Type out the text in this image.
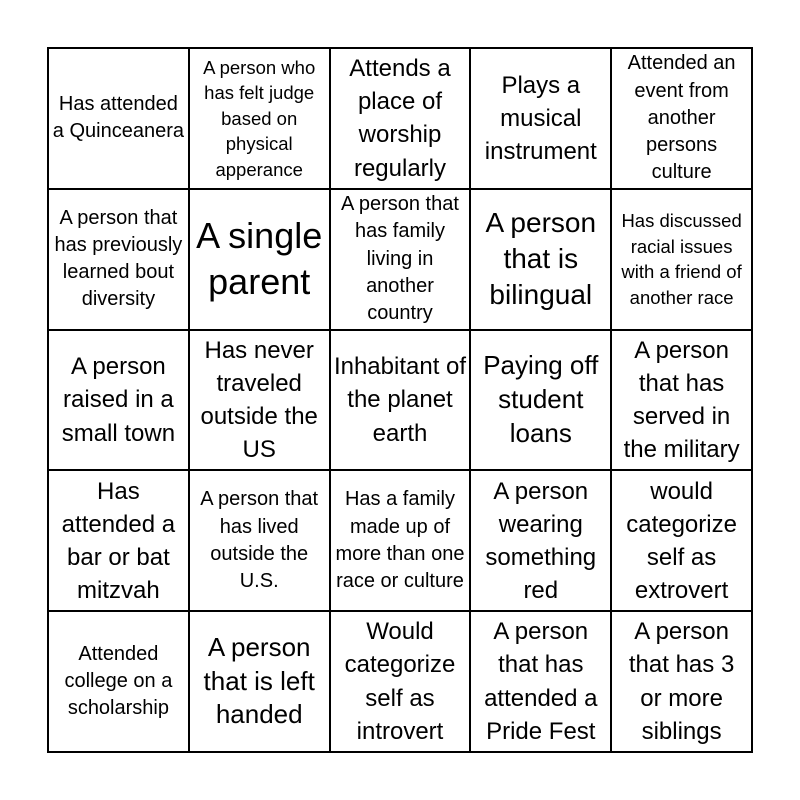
Has attended a Quinceanera
A person who has felt judge based on physical apperance
Attends a place of worship regularly
Plays a musical instrument
Attended an event from another persons culture
A person that has previously learned bout diversity
A single parent
A person that has family living in another country
A person that is bilingual
Has discussed racial issues with a friend of another race
A person raised in a small town
Has never traveled outside the US
Inhabitant of the planet earth
Paying off student loans
A person that has served in the military
Has attended a bar or bat mitzvah
A person that has lived outside the U.S.
Has a family made up of more than one race or culture
A person wearing something red
would categorize self as extrovert
Attended college on a scholarship
A person that is left handed
Would categorize self as introvert
A person that has attended a Pride Fest
A person that has 3 or more siblings
